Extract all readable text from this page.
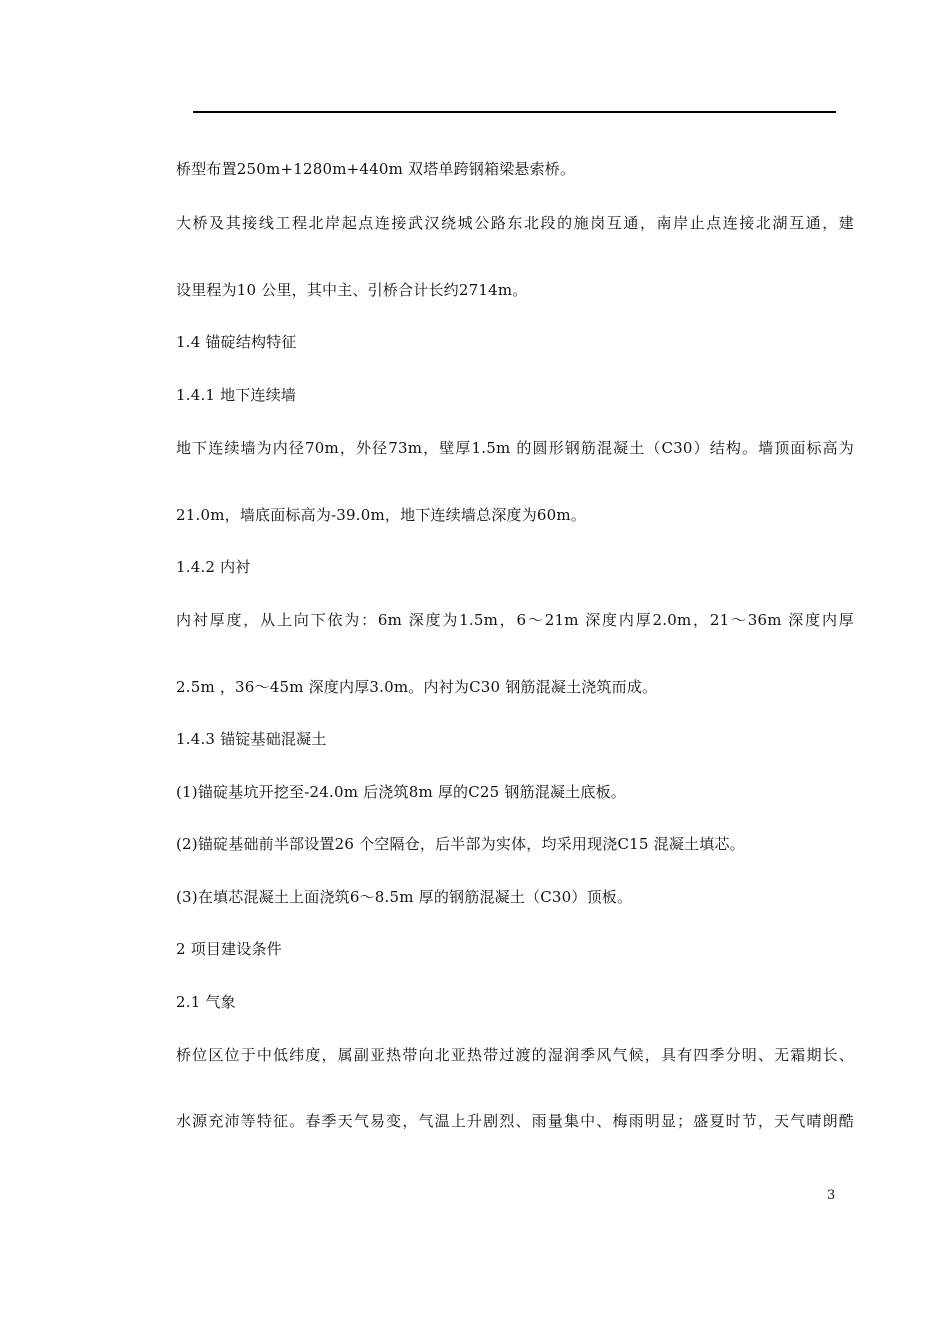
桥型布置250m+1280m+440m 双塔单跨钢箱梁悬索桥。
大桥及其接线工程北岸起点连接武汉绕城公路东北段的施岗互通，南岸止点连接北湖互通，建
设里程为10 公里，其中主、引桥合计长约2714m。
1.4 锚碇结构特征
1.4.1 地下连续墙
地下连续墙为内径70m，外径73m，壁厚1.5m 的圆形钢筋混凝土（C30）结构。墙顶面标高为
21.0m，墙底面标高为-39.0m，地下连续墙总深度为60m。
1.4.2 内衬
内衬厚度，从上向下依为：6m 深度为1.5m，6～21m 深度内厚2.0m，21～36m 深度内厚
2.5m ，36～45m 深度内厚3.0m。内衬为C30 钢筋混凝土浇筑而成。
1.4.3 锚锭基础混凝土
(1)锚碇基坑开挖至-24.0m 后浇筑8m 厚的C25 钢筋混凝土底板。
(2)锚碇基础前半部设置26 个空隔仓，后半部为实体，均采用现浇C15 混凝土填芯。
(3)在填芯混凝土上面浇筑6～8.5m 厚的钢筋混凝土（C30）顶板。
2 项目建设条件
2.1 气象
桥位区位于中低纬度，属副亚热带向北亚热带过渡的湿润季风气候，具有四季分明、无霜期长、
水源充沛等特征。春季天气易变，气温上升剧烈、雨量集中、梅雨明显；盛夏时节，天气晴朗酷
3
